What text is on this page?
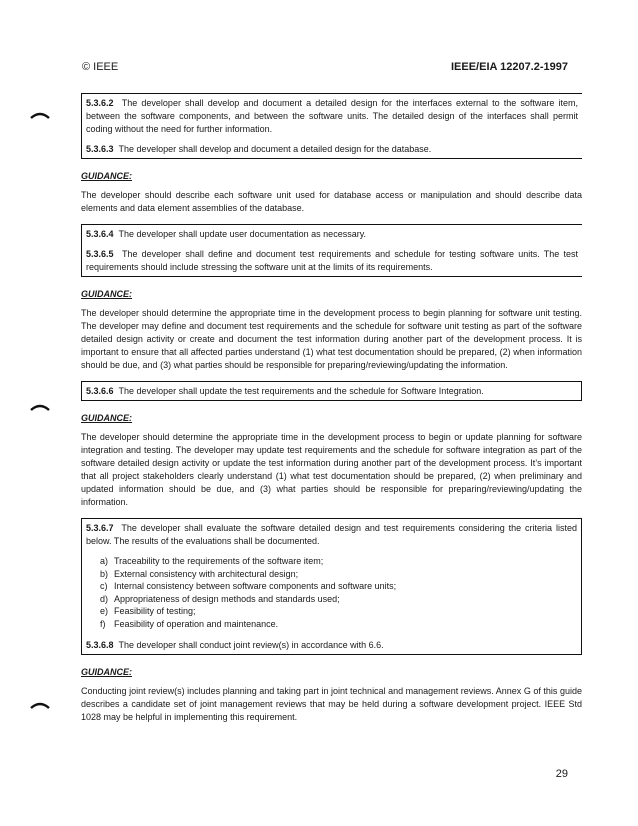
© IEEE	IEEE/EIA 12207.2-1997

5.3.6.2 The developer shall develop and document a detailed design for the interfaces external to the software item, between the software components, and between the software units. The detailed design of the interfaces shall permit coding without the need for further information.

5.3.6.3 The developer shall develop and document a detailed design for the database.

GUIDANCE:

The developer should describe each software unit used for database access or manipulation and should describe data elements and data element assemblies of the database.

5.3.6.4 The developer shall update user documentation as necessary.

5.3.6.5 The developer shall define and document test requirements and schedule for testing software units. The test requirements should include stressing the software unit at the limits of its requirements.

GUIDANCE:

The developer should determine the appropriate time in the development process to begin planning for software unit testing. The developer may define and document test requirements and the schedule for software unit testing as part of the software detailed design activity or create and document the test information during another part of the development process. It is important to ensure that all affected parties understand (1) what test documentation should be prepared, (2) when information should be due, and (3) what parties should be responsible for preparing/reviewing/updating the information.

5.3.6.6 The developer shall update the test requirements and the schedule for Software Integration.

GUIDANCE:

The developer should determine the appropriate time in the development process to begin or update planning for software integration and testing. The developer may update test requirements and the schedule for software integration as part of the software detailed design activity or update the test information during another part of the development process. It’s important that all project stakeholders clearly understand (1) what test documentation should be prepared, (2) when preliminary and updated information should be due, and (3) what parties should be responsible for preparing/reviewing/updating the information.

5.3.6.7 The developer shall evaluate the software detailed design and test requirements considering the criteria listed below. The results of the evaluations shall be documented.

a) Traceability to the requirements of the software item;
b) External consistency with architectural design;
c) Internal consistency between software components and software units;
d) Appropriateness of design methods and standards used;
e) Feasibility of testing;
f) Feasibility of operation and maintenance.

5.3.6.8 The developer shall conduct joint review(s) in accordance with 6.6.

GUIDANCE:

Conducting joint review(s) includes planning and taking part in joint technical and management reviews. Annex G of this guide describes a candidate set of joint management reviews that may be held during a software development project. IEEE Std 1028 may be helpful in implementing this requirement.

29
